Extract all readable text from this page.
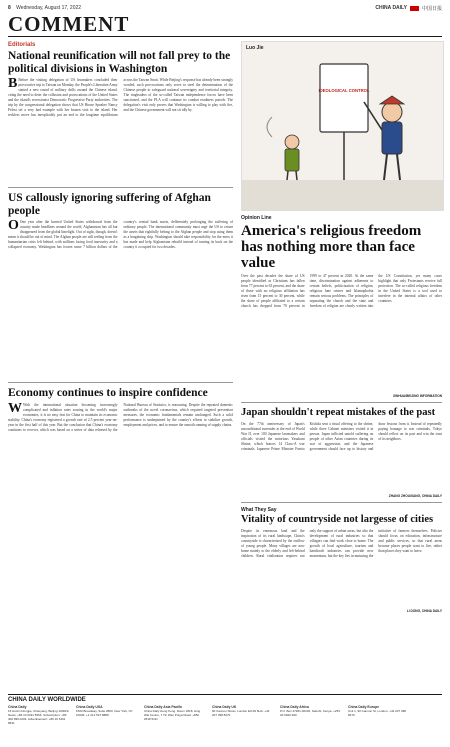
8 Wednesday, August 17, 2022	CHINA DAILY	中国日报
COMMENT
Editorials
National reunification will not fall prey to the political divisions in Washington
B Before the visiting delegation of US lawmakers concluded their provocative trip to Taiwan on Monday, the People's Liberation Army started a new round of military drills around the Chinese island, citing the need to deter the collusion and provocations of the United States and the island's secessionist Democratic Progressive Party authorities. The trip by the congressional delegation shows that US House Speaker Nancy Pelosi set a very bad example with her brazen visit to the island. Her reckless move has inexplicably put an end to the longtime equilibrium across the Taiwan Strait. While Beijing's response has already been strongly worded, such provocations only serve to steel the determination of the Chinese people to safeguard national sovereignty and territorial integrity. The ringleaders of the so-called Taiwan independence forces have been sanctioned, and the PLA will continue its combat readiness patrols. The delegation's visit only proves that Washington is willing to play with fire, and the Chinese government will not sit idly by.
US callously ignoring suffering of Afghan people
O One year after the hurried United States withdrawal from the country made headlines around the world, Afghanistan has all but disappeared from the global limelight. Out of sight, though, doesn't mean it should be out of mind. The Afghan people are still reeling from the humanitarian crisis left behind, with millions facing food insecurity and a collapsed economy. Washington has frozen some 7 billion dollars of the country's central bank assets, deliberately prolonging the suffering of ordinary people. The international community must urge the US to return the assets that rightfully belong to the Afghan people and stop using them as a bargaining chip. Washington should take responsibility for the mess it has made and help Afghanistan rebuild instead of turning its back on the country it occupied for two decades.
Economy continues to inspire confidence
W With the international situation becoming increasingly complicated and inflation rates soaring in the world's major economies, it is no easy feat for China to maintain its economic stability. China's economy registered a growth rate of 2.5 percent year-on-year in the first half of this year. But the conclusion that China's economy continues to recover, which was based on a series of data released by the National Bureau of Statistics, is reassuring. Despite the repeated domestic outbreaks of the novel coronavirus, which required targeted prevention measures, the economic fundamentals remain unchanged. Such a solid performance is underpinned by the country's efforts to stabilize growth, employment and prices, and to ensure the smooth running of supply chains.
Luo Jie
IDEOLOGICAL CONTROL
Opinion Line
America's religious freedom has nothing more than face value
Over the past decades the share of US people identified as Christians has fallen from 77 percent to 63 percent, and the share of those with no religious affiliation has risen from 15 percent to 30 percent, while the share of people affiliated to a certain church has dropped from 70 percent in 1999 to 47 percent in 2020. At the same time, discrimination against adherents to certain beliefs, politicization of religion, religious hate crimes and Islamophobia remain serious problems. The principles of separating the church and the state and freedom of religion are clearly written into the US Constitution, yet many cases highlight that only Protestants receive full protection. The so-called religious freedom in the United States is a tool used to interfere in the internal affairs of other countries.
XINHUA/BEIJING INFORMATION
Japan shouldn't repeat mistakes of the past
On the 77th anniversary of Japan's unconditional surrender at the end of World War II, over 100 Japanese lawmakers and officials visited the notorious Yasukuni Shrine, which honors 14 Class-A war criminals. Japanese Prime Minister Fumio Kishida sent a ritual offering to the shrine, while three Cabinet ministers visited it in person. Japan inflicted untold suffering on people of other Asian countries during its war of aggression, and the Japanese government should face up to history and draw lessons from it. Instead of repeatedly paying homage to war criminals, Tokyo should reflect on its past and win the trust of its neighbors.
ZHANG ZHOUXIANG, CHINA DAILY
What They Say
Vitality of countryside not largesse of cities
Despite its enormous land and the inspiration of its rural landscape, China's countryside is characterized by the outflow of young people. Many villages are now home mainly to the elderly and left-behind children. Rural vitalization requires not only the support of urban areas, but also the development of rural industries so that villagers can find work close to home. The growth of local agriculture, tourism and handicraft industries can provide new momentum, but the key lies in nurturing the initiative of farmers themselves. Policies should focus on education, infrastructure and public services, so that rural areas become places people want to live, rather than places they want to leave.
LI DONG, CHINA DAILY
CHINA DAILY WORLDWIDE
China Daily
15 Huixin Dongjie, Chaoyang, Beijing 100029. News: +86 10 6491 8366. Subscription: +86 400 699 0203. Advertisement: +86 10 6491 8631
China Daily USA
1500 Broadway, Suite 2800, New York, NY 10036. +1 212 537 8888
China Daily Asia Pacific
China Daily Hong Kong. Room 1818, Hing Wai Centre, 7 Tin Wan Praya Road. +852 2518 5111
China Daily UK
90 Cannon Street, London EC4N 6HA. +44 207 398 8270
China Daily Africa
P.O. Box 27281-00100, Nairobi, Kenya. +254 20 6920 900
China Daily Europe
Unit 1, 90 Cannon St, London. +44 207 398 8270
